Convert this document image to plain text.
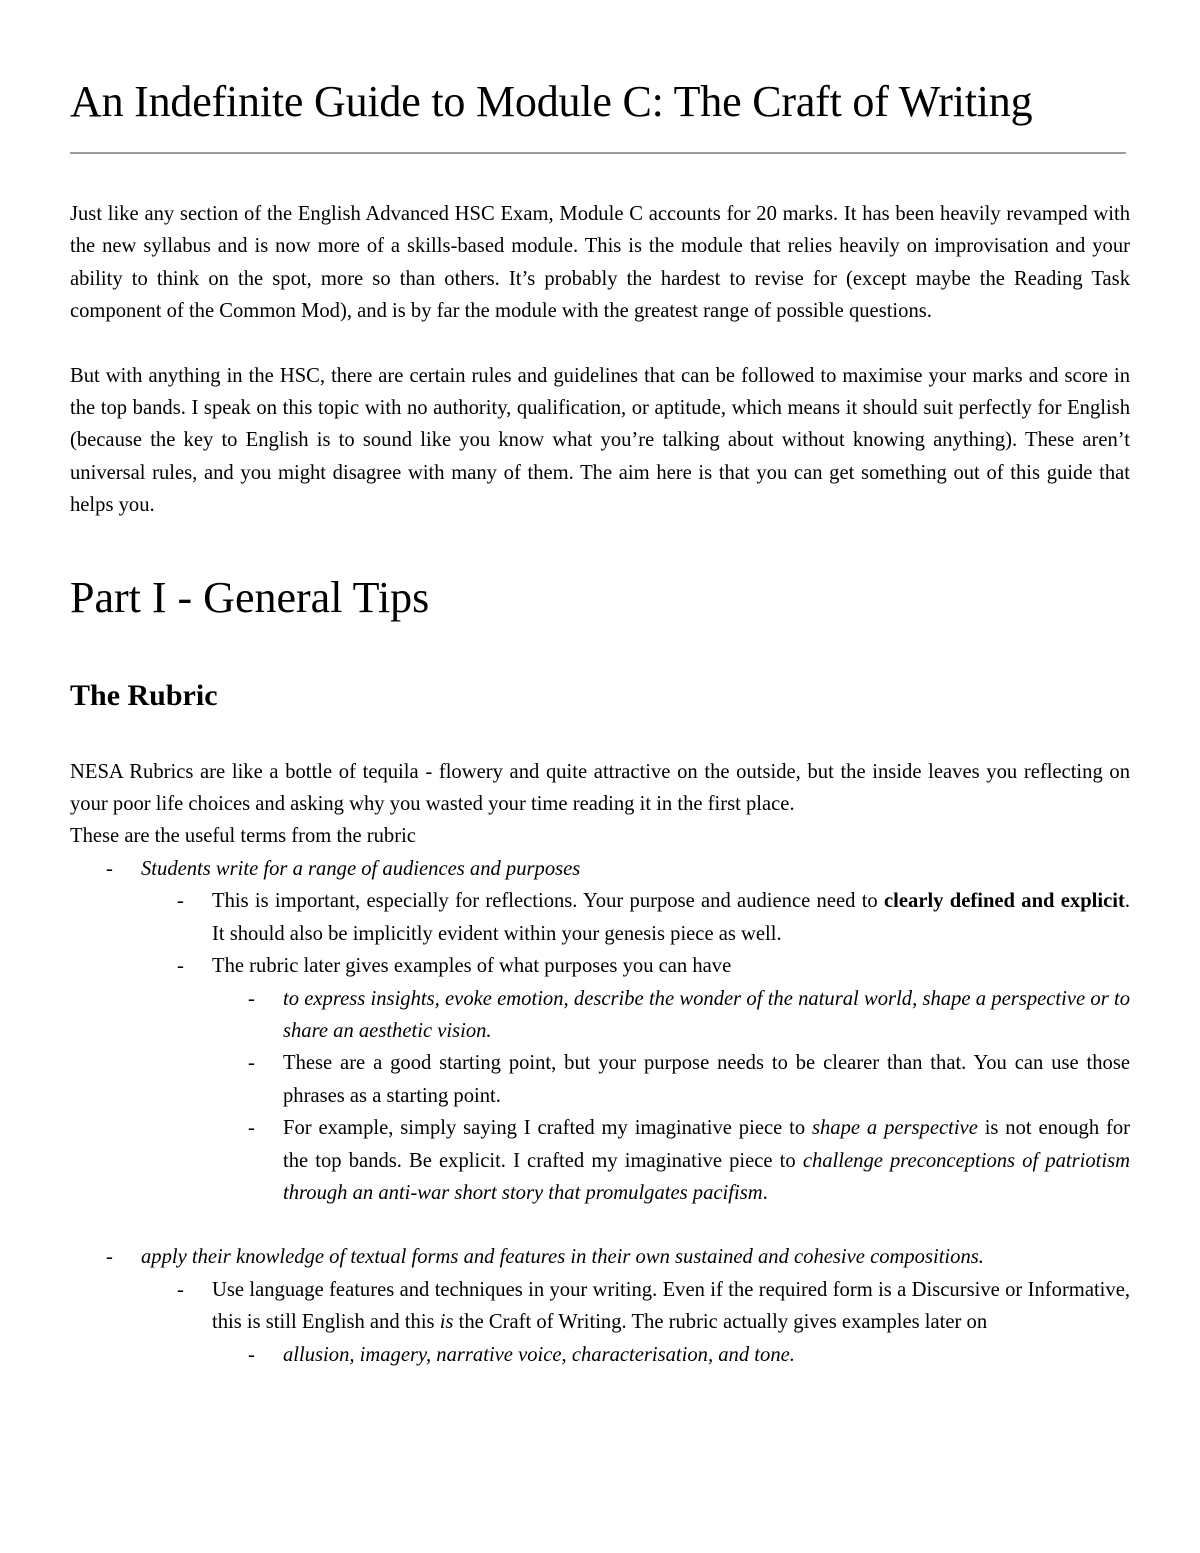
An Indefinite Guide to Module C: The Craft of Writing

Just like any section of the English Advanced HSC Exam, Module C accounts for 20 marks. It has been heavily revamped with the new syllabus and is now more of a skills-based module. This is the module that relies heavily on improvisation and your ability to think on the spot, more so than others. It’s probably the hardest to revise for (except maybe the Reading Task component of the Common Mod), and is by far the module with the greatest range of possible questions.

But with anything in the HSC, there are certain rules and guidelines that can be followed to maximise your marks and score in the top bands. I speak on this topic with no authority, qualification, or aptitude, which means it should suit perfectly for English (because the key to English is to sound like you know what you’re talking about without knowing anything). These aren’t universal rules, and you might disagree with many of them. The aim here is that you can get something out of this guide that helps you.

Part I - General Tips
The Rubric

NESA Rubrics are like a bottle of tequila - flowery and quite attractive on the outside, but the inside leaves you reflecting on your poor life choices and asking why you wasted your time reading it in the first place.

These are the useful terms from the rubric
- Students write for a range of audiences and purposes
- This is important, especially for reflections. Your purpose and audience need to clearly defined and explicit. It should also be implicitly evident within your genesis piece as well.
- The rubric later gives examples of what purposes you can have
- to express insights, evoke emotion, describe the wonder of the natural world, shape a perspective or to share an aesthetic vision.
- These are a good starting point, but your purpose needs to be clearer than that. You can use those phrases as a starting point.
- For example, simply saying I crafted my imaginative piece to shape a perspective is not enough for the top bands. Be explicit. I crafted my imaginative piece to challenge preconceptions of patriotism through an anti-war short story that promulgates pacifism.
- apply their knowledge of textual forms and features in their own sustained and cohesive compositions.
- Use language features and techniques in your writing. Even if the required form is a Discursive or Informative, this is still English and this is the Craft of Writing. The rubric actually gives examples later on
- allusion, imagery, narrative voice, characterisation, and tone.
